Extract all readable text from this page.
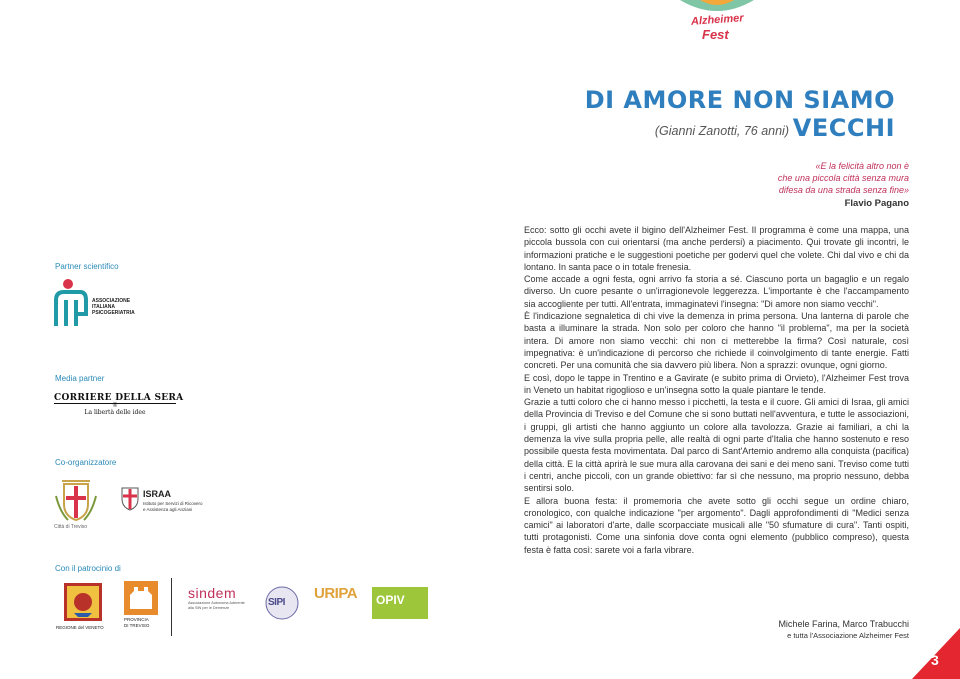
Alzheimer
Fest
Partner scientifico
ASSOCIAZIONE
ITALIANA
PSICOGERIATRIA
Media partner
CORRIERE DELLA SERA
®
La libertà delle idee
Co-organizzatore
Città di Treviso
ISRAA
Istituto per Servizi di Ricovero
e Assistenza agli Anziani
Con il patrocinio di
REGIONE del VENETO
PROVINCIA
DI TREVISO
sindem
Associazione Autonoma Aderente
alla SIN per le Demenze	SIPI
URIPA OPIV
DI AMORE NON SIAMO VECCHI
(Gianni Zanotti, 76 anni)
«E la felicità altro non è
che una piccola città senza mura
difesa da una strada senza fine»
Flavio Pagano

Ecco: sotto gli occhi avete il bigino dell'Alzheimer Fest. Il programma è come una mappa, una piccola bussola con cui orientarsi (ma anche perdersi) a piacimento. Qui trovate gli incontri, le informazioni pratiche e le suggestioni poetiche per godervi quel che volete. Chi dal vivo e chi da lontano. In santa pace o in totale frenesia.

Come accade a ogni festa, ogni arrivo fa storia a sé. Ciascuno porta un bagaglio e un regalo diverso. Un cuore pesante o un'irragionevole leggerezza. L'importante è che l'accampamento sia accogliente per tutti. All'entrata, immaginatevi l'insegna: "Di amore non siamo vecchi".

È l'indicazione segnaletica di chi vive la demenza in prima persona. Una lanterna di parole che basta a illuminare la strada. Non solo per coloro che hanno "il problema", ma per la società intera. Di amore non siamo vecchi: chi non ci metterebbe la firma? Così naturale, così impegnativa: è un'indicazione di percorso che richiede il coinvolgimento di tante energie. Fatti concreti. Per una comunità che sia davvero più libera. Non a sprazzi: ovunque, ogni giorno.

E così, dopo le tappe in Trentino e a Gavirate (e subito prima di Orvieto), l'Alzheimer Fest trova in Veneto un habitat rigoglioso e un'insegna sotto la quale piantare le tende.

Grazie a tutti coloro che ci hanno messo i picchetti, la testa e il cuore. Gli amici di Israa, gli amici della Provincia di Treviso e del Comune che si sono buttati nell'avventura, e tutte le associazioni, i gruppi, gli artisti che hanno aggiunto un colore alla tavolozza. Grazie ai familiari, a chi la demenza la vive sulla propria pelle, alle realtà di ogni parte d'Italia che hanno sostenuto e reso possibile questa festa movimentata. Dal parco di Sant'Artemio andremo alla conquista (pacifica) della città. E la città aprirà le sue mura alla carovana dei sani e dei meno sani. Treviso come tutti i centri, anche piccoli, con un grande obiettivo: far sì che nessuno, ma proprio nessuno, debba sentirsi solo.

E allora buona festa: il promemoria che avete sotto gli occhi segue un ordine chiaro, cronologico, con qualche indicazione "per argomento". Dagli approfondimenti di "Medici senza camici" ai laboratori d'arte, dalle scorpacciate musicali alle "50 sfumature di cura". Tanti ospiti, tutti protagonisti. Come una sinfonia dove conta ogni elemento (pubblico compreso), questa festa è fatta così: sarete voi a farla vibrare.

Michele Farina, Marco Trabucchi
e tutta l'Associazione Alzheimer Fest
3
